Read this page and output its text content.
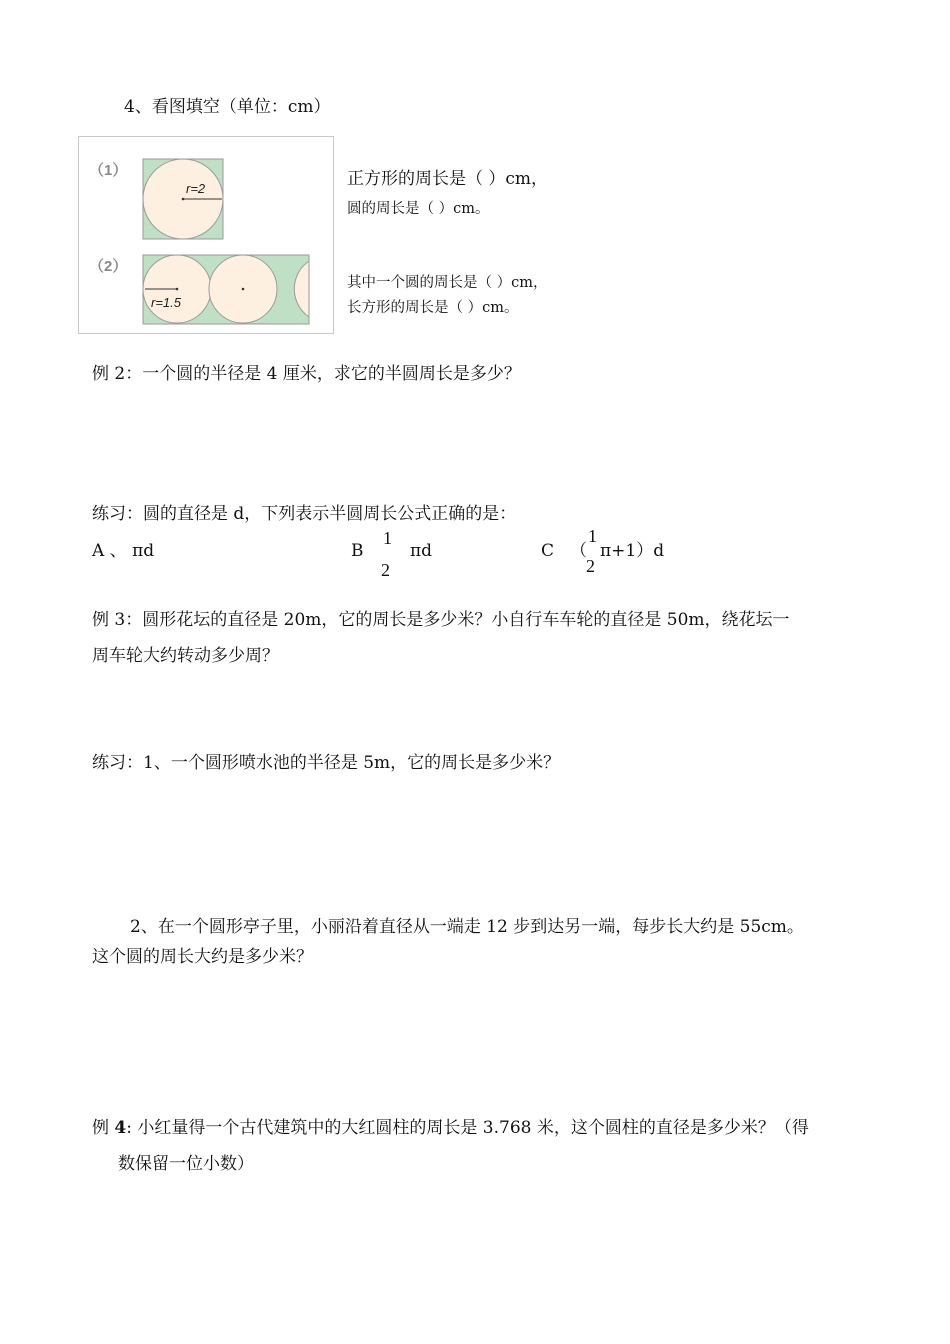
4、看图填空（单位：cm）
（1）
r=2
（2）
r=1.5
正方形的周长是（ ）cm，
圆的周长是（ ）cm。
其中一个圆的周长是（ ）cm，
长方形的周长是（ ）cm。
例 2：一个圆的半径是 4 厘米，求它的半圆周长是多少？
练习：圆的直径是 d，下列表示半圆周长公式正确的是：
A 、 πd	B
1
2
πd	C （
1
2
π+1）d
例 3：圆形花坛的直径是 20m，它的周长是多少米？小自行车车轮的直径是 50m，绕花坛一
周车轮大约转动多少周？
练习：1、一个圆形喷水池的半径是 5m，它的周长是多少米？
2、在一个圆形亭子里，小丽沿着直径从一端走 12 步到达另一端，每步长大约是 55cm。
这个圆的周长大约是多少米？
例 4: 小红量得一个古代建筑中的大红圆柱的周长是 3.768 米，这个圆柱的直径是多少米？（得
数保留一位小数）
